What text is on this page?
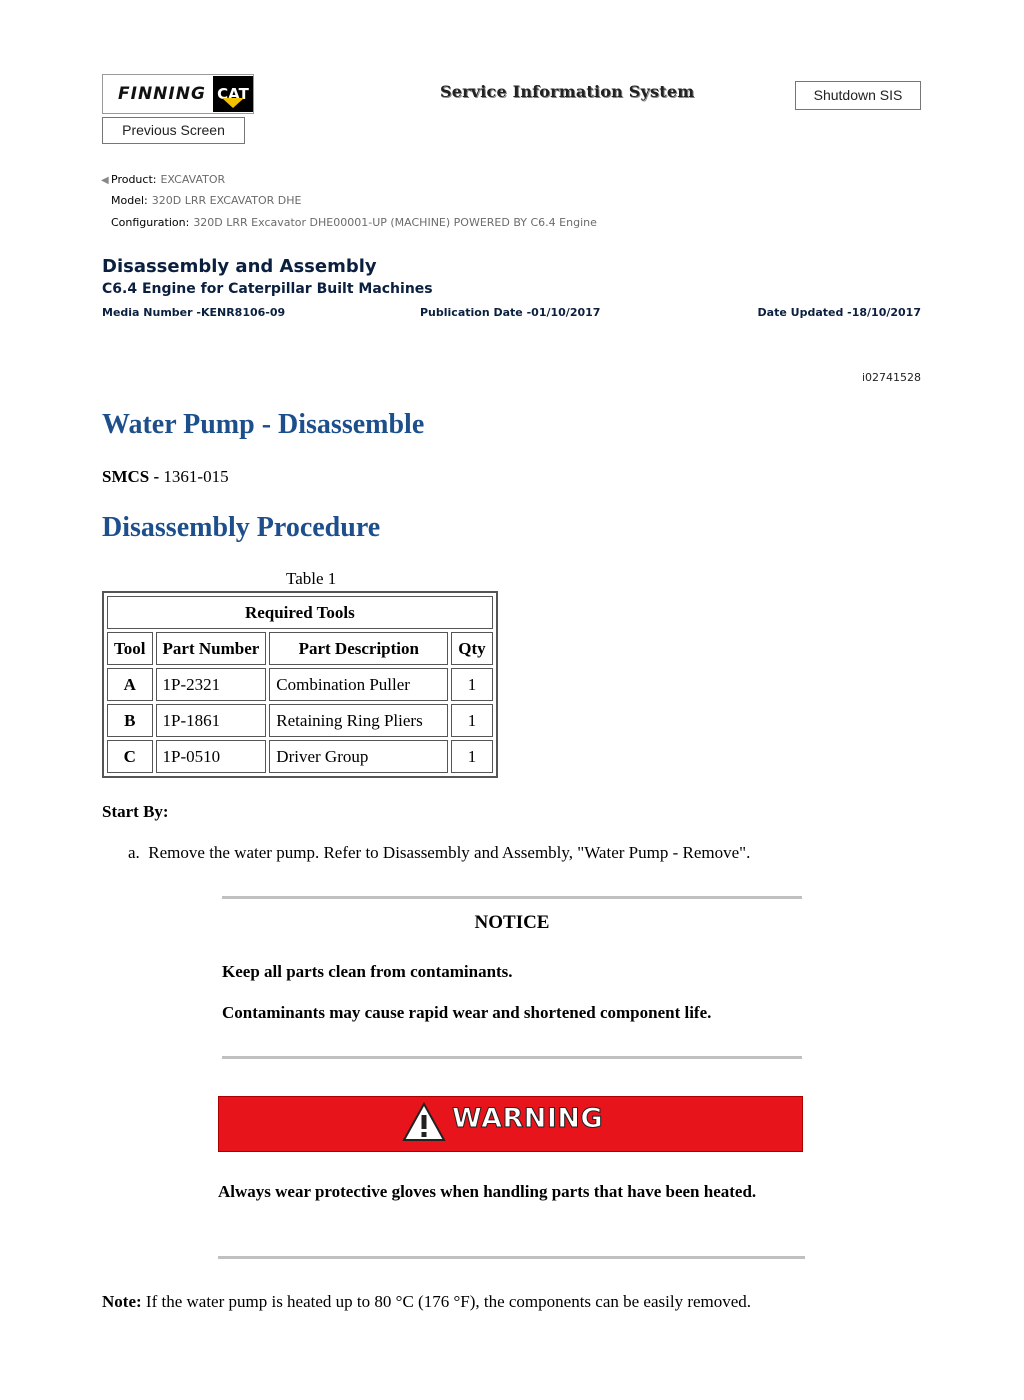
FINNING CAT	Service Information System	Shutdown SIS
Previous Screen
◀ Product: EXCAVATOR
Model: 320D LRR EXCAVATOR DHE
Configuration: 320D LRR Excavator DHE00001-UP (MACHINE) POWERED BY C6.4 Engine
Disassembly and Assembly
C6.4 Engine for Caterpillar Built Machines
Media Number -KENR8106-09	Publication Date -01/10/2017	Date Updated -18/10/2017
i02741528
Water Pump - Disassemble
SMCS - 1361-015
Disassembly Procedure
Table 1
Required Tools			
Tool	Part Number	Part Description	Qty
A	1P-2321	Combination Puller	1
B	1P-1861	Retaining Ring Pliers	1
C	1P-0510	Driver Group	1
Start By:
a. Remove the water pump. Refer to Disassembly and Assembly, "Water Pump - Remove".
NOTICE
Keep all parts clean from contaminants.
Contaminants may cause rapid wear and shortened component life.
WARNING
Always wear protective gloves when handling parts that have been heated.
Note: If the water pump is heated up to 80 °C (176 °F), the components can be easily removed.
